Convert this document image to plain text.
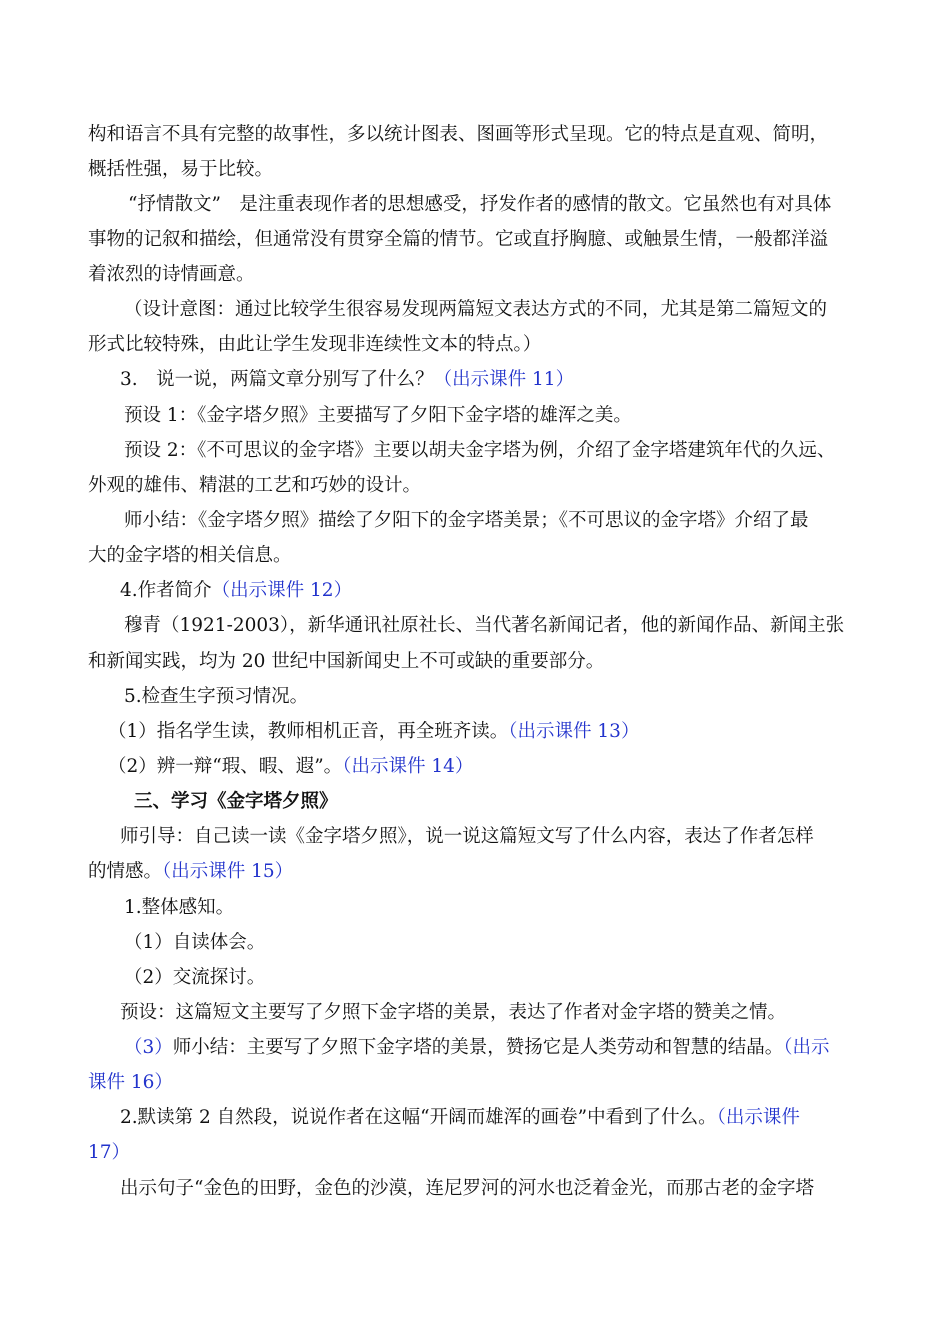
构和语言不具有完整的故事性，多以统计图表、图画等形式呈现。它的特点是直观、简明，
概括性强，易于比较。
“抒情散文”　是注重表现作者的思想感受，抒发作者的感情的散文。它虽然也有对具体
事物的记叙和描绘，但通常没有贯穿全篇的情节。它或直抒胸臆、或触景生情，一般都洋溢
着浓烈的诗情画意。
（设计意图：通过比较学生很容易发现两篇短文表达方式的不同，尤其是第二篇短文的
形式比较特殊，由此让学生发现非连续性文本的特点。）
3.　说一说，两篇文章分别写了什么？（出示课件 11）
预设 1：《金字塔夕照》主要描写了夕阳下金字塔的雄浑之美。
预设 2：《不可思议的金字塔》主要以胡夫金字塔为例，介绍了金字塔建筑年代的久远、
外观的雄伟、精湛的工艺和巧妙的设计。
师小结：《金字塔夕照》描绘了夕阳下的金字塔美景；《不可思议的金字塔》介绍了最
大的金字塔的相关信息。
4.作者简介（出示课件 12）
穆青（1921-2003），新华通讯社原社长、当代著名新闻记者，他的新闻作品、新闻主张
和新闻实践，均为 20 世纪中国新闻史上不可或缺的重要部分。
5.检查生字预习情况。
（1）指名学生读，教师相机正音，再全班齐读。（出示课件 13）
（2）辨一辩“瑕、暇、遐”。（出示课件 14）
三、学习《金字塔夕照》
师引导：自己读一读《金字塔夕照》，说一说这篇短文写了什么内容，表达了作者怎样
的情感。（出示课件 15）
1.整体感知。
（1）自读体会。
（2）交流探讨。
预设：这篇短文主要写了夕照下金字塔的美景，表达了作者对金字塔的赞美之情。
（3）师小结：主要写了夕照下金字塔的美景，赞扬它是人类劳动和智慧的结晶。（出示
课件 16）
2.默读第 2 自然段，说说作者在这幅“开阔而雄浑的画卷”中看到了什么。（出示课件
17）
出示句子“金色的田野，金色的沙漠，连尼罗河的河水也泛着金光，而那古老的金字塔
